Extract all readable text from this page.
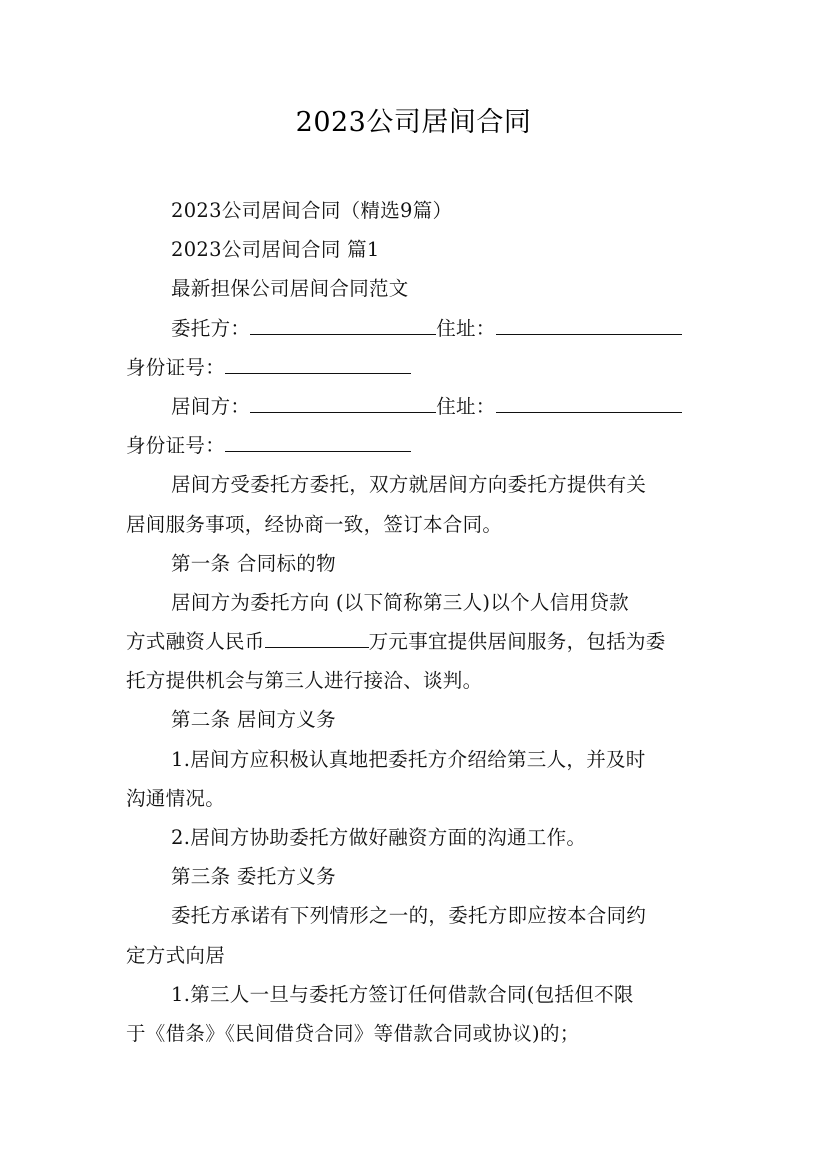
2023公司居间合同
2023公司居间合同（精选9篇）
2023公司居间合同 篇1
最新担保公司居间合同范文
委托方：	住址：
身份证号：
居间方：	住址：
身份证号：
居间方受委托方委托，双方就居间方向委托方提供有关
居间服务事项，经协商一致，签订本合同。
第一条 合同标的物
居间方为委托方向 (以下简称第三人)以个人信用贷款
方式融资人民币	万元事宜提供居间服务，包括为委
托方提供机会与第三人进行接洽、谈判。
第二条 居间方义务
1.居间方应积极认真地把委托方介绍给第三人，并及时
沟通情况。
2.居间方协助委托方做好融资方面的沟通工作。
第三条 委托方义务
委托方承诺有下列情形之一的，委托方即应按本合同约
定方式向居
1.第三人一旦与委托方签订任何借款合同(包括但不限
于《借条》《民间借贷合同》等借款合同或协议)的；
